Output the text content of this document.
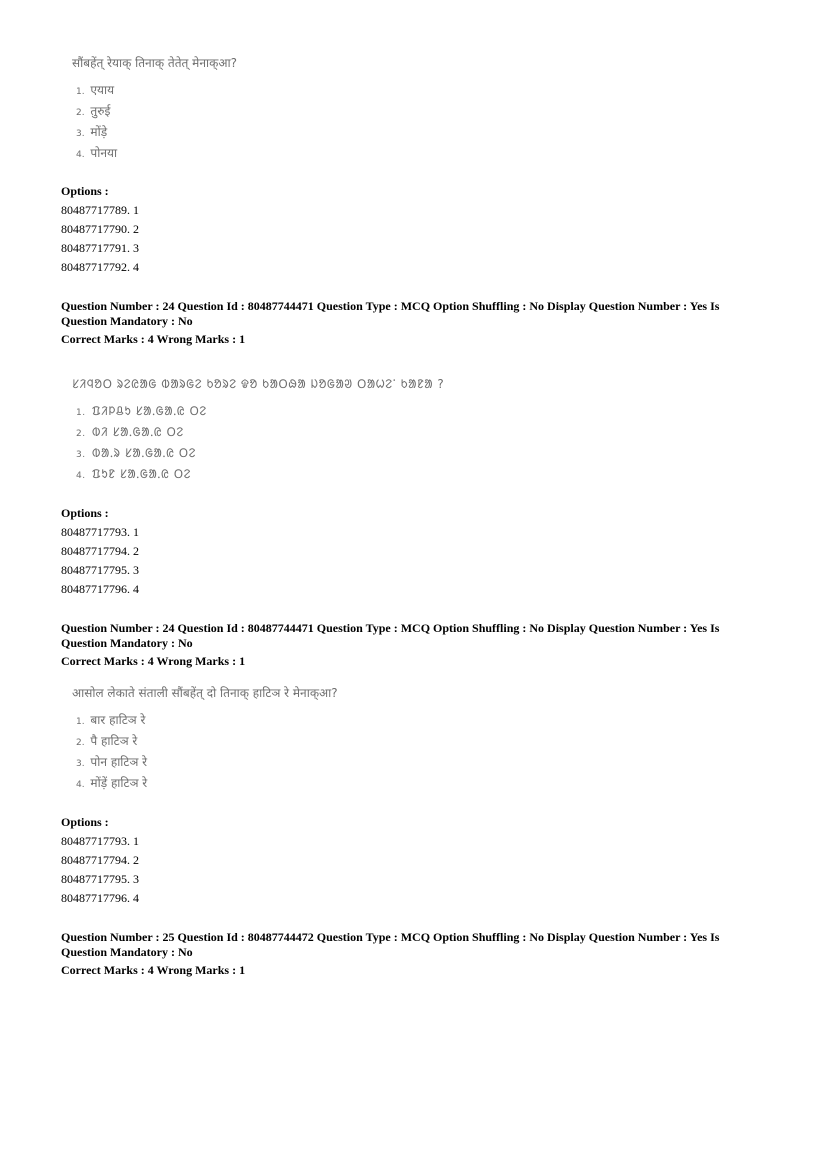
सौंबहेंत् रेयाक् तिनाक् तेतेत् मेनाक्आ?
1. एयाय
2. तुरुई
3. मोंड़े
4. पोनया
Options :
80487717789. 1
80487717790. 2
80487717791. 3
80487717792. 4
Question Number : 24 Question Id : 80487744471 Question Type : MCQ Option Shuffling : No Display Question Number : Yes Is
Question Mandatory : No
Correct Marks : 4 Wrong Marks : 1
ᱥᱤᱧᱚᱛ ᱨᱮᱭᱟᱜ ᱵᱟᱨᱜᱮ ᱠᱚᱨᱮ ᱫᱚ ᱠᱟᱛᱷᱟ ᱡᱚᱜᱟᱣ ᱛᱟᱦᱮᱸ ᱠᱟᱱᱟ ?
1. ᱯᱤᱞᱪᱩ ᱥᱟᱹᱜᱟᱹᱭ ᱛᱮ
2. ᱵᱤ ᱥᱟᱹᱜᱟᱹᱭ ᱛᱮ
3. ᱵᱟᱹᱨ ᱥᱟᱹᱜᱟᱹᱭ ᱛᱮ
4. ᱯᱩᱱ ᱥᱟᱹᱜᱟᱹᱭ ᱛᱮ
Options :
80487717793. 1
80487717794. 2
80487717795. 3
80487717796. 4
Question Number : 24 Question Id : 80487744471 Question Type : MCQ Option Shuffling : No Display Question Number : Yes Is
Question Mandatory : No
Correct Marks : 4 Wrong Marks : 1
आसोल लेकाते संताली सौंबहेंत् दो तिनाक् हाटिञ रे मेनाक्आ?
1. बार हाटिञ रे
2. पै हाटिञ रे
3. पोन हाटिञ रे
4. मोंड़ें हाटिञ रे
Options :
80487717793. 1
80487717794. 2
80487717795. 3
80487717796. 4
Question Number : 25 Question Id : 80487744472 Question Type : MCQ Option Shuffling : No Display Question Number : Yes Is
Question Mandatory : No
Correct Marks : 4 Wrong Marks : 1
